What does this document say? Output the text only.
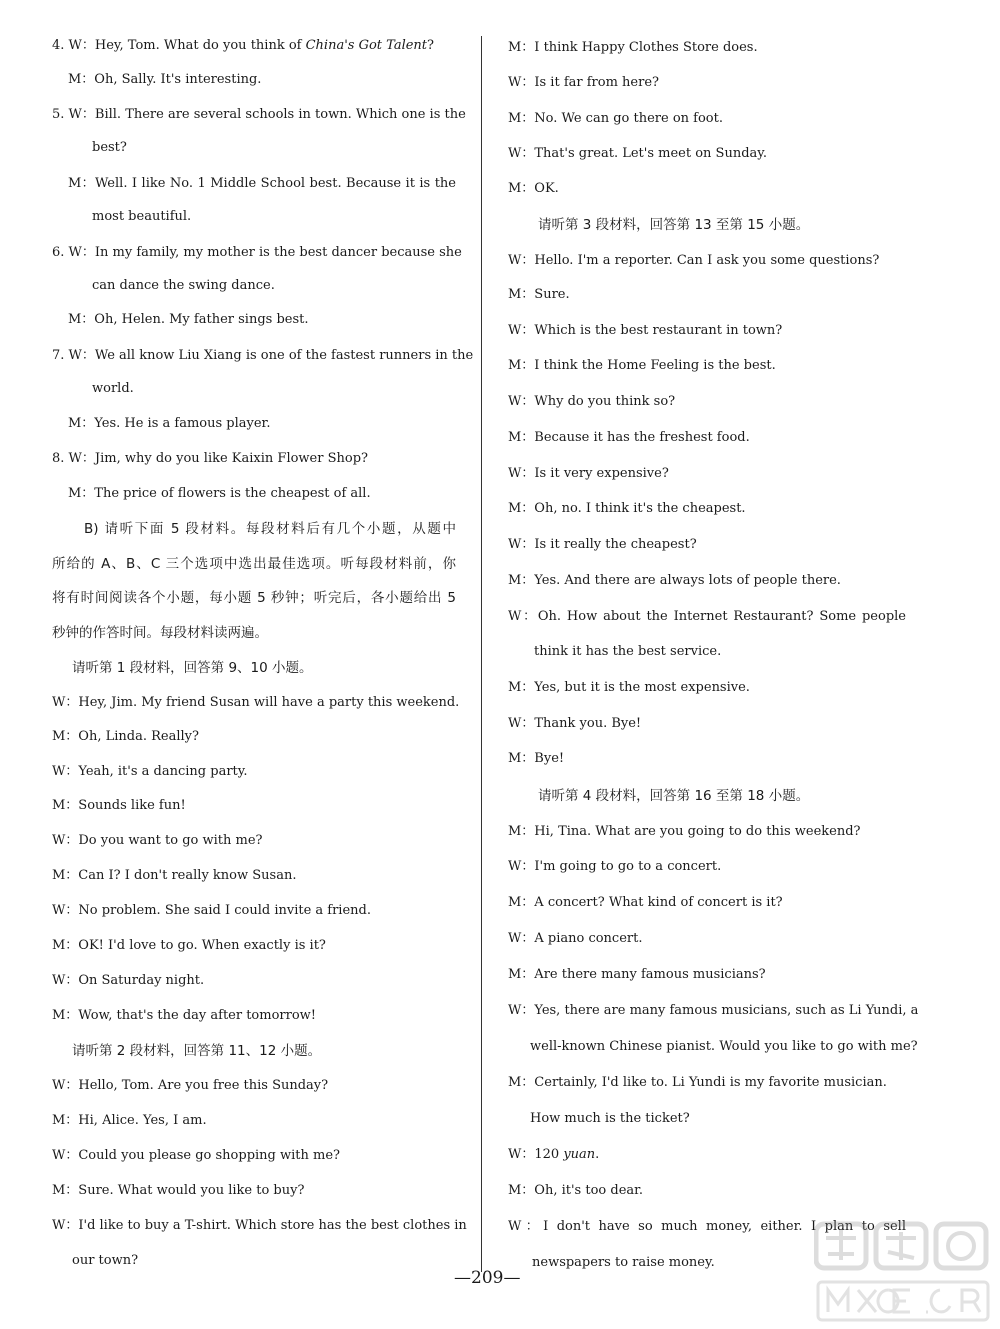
4. W：Hey, Tom. What do you think of China's Got Talent?
M：Oh, Sally. It's interesting.
5. W：Bill. There are several schools in town. Which one is the
best?
M：Well. I like No. 1 Middle School best. Because it is the
most beautiful.
6. W：In my family, my mother is the best dancer because she
can dance the swing dance.
M：Oh, Helen. My father sings best.
7. W：We all know Liu Xiang is one of the fastest runners in the
world.
M：Yes. He is a famous player.
8. W：Jim, why do you like Kaixin Flower Shop?
M：The price of flowers is the cheapest of all.
B) 请听下面 5 段材料。每段材料后有几个小题，从题中
所给的 A、B、C 三个选项中选出最佳选项。听每段材料前，你
将有时间阅读各个小题，每小题 5 秒钟；听完后，各小题给出 5
秒钟的作答时间。每段材料读两遍。
请听第 1 段材料，回答第 9、10 小题。
W：Hey, Jim. My friend Susan will have a party this weekend.
M：Oh, Linda. Really?
W：Yeah, it's a dancing party.
M：Sounds like fun!
W：Do you want to go with me?
M：Can I? I don't really know Susan.
W：No problem. She said I could invite a friend.
M：OK! I'd love to go. When exactly is it?
W：On Saturday night.
M：Wow, that's the day after tomorrow!
请听第 2 段材料，回答第 11、12 小题。
W：Hello, Tom. Are you free this Sunday?
M：Hi, Alice. Yes, I am.
W：Could you please go shopping with me?
M：Sure. What would you like to buy?
W：I'd like to buy a T-shirt. Which store has the best clothes in
our town?
M：I think Happy Clothes Store does.
W：Is it far from here?
M：No. We can go there on foot.
W：That's great. Let's meet on Sunday.
M：OK.
请听第 3 段材料，回答第 13 至第 15 小题。
W：Hello. I'm a reporter. Can I ask you some questions?
M：Sure.
W：Which is the best restaurant in town?
M：I think the Home Feeling is the best.
W：Why do you think so?
M：Because it has the freshest food.
W：Is it very expensive?
M：Oh, no. I think it's the cheapest.
W：Is it really the cheapest?
M：Yes. And there are always lots of people there.
W：Oh. How about the Internet Restaurant? Some people
think it has the best service.
M：Yes, but it is the most expensive.
W：Thank you. Bye!
M：Bye!
请听第 4 段材料，回答第 16 至第 18 小题。
M：Hi, Tina. What are you going to do this weekend?
W：I'm going to go to a concert.
M：A concert? What kind of concert is it?
W：A piano concert.
M：Are there many famous musicians?
W：Yes, there are many famous musicians, such as Li Yundi, a
well-known Chinese pianist. Would you like to go with me?
M：Certainly, I'd like to. Li Yundi is my favorite musician.
How much is the ticket?
W：120 yuan.
M：Oh, it's too dear.
W：I don't have so much money, either. I plan to sell
newspapers to raise money.
—209—
